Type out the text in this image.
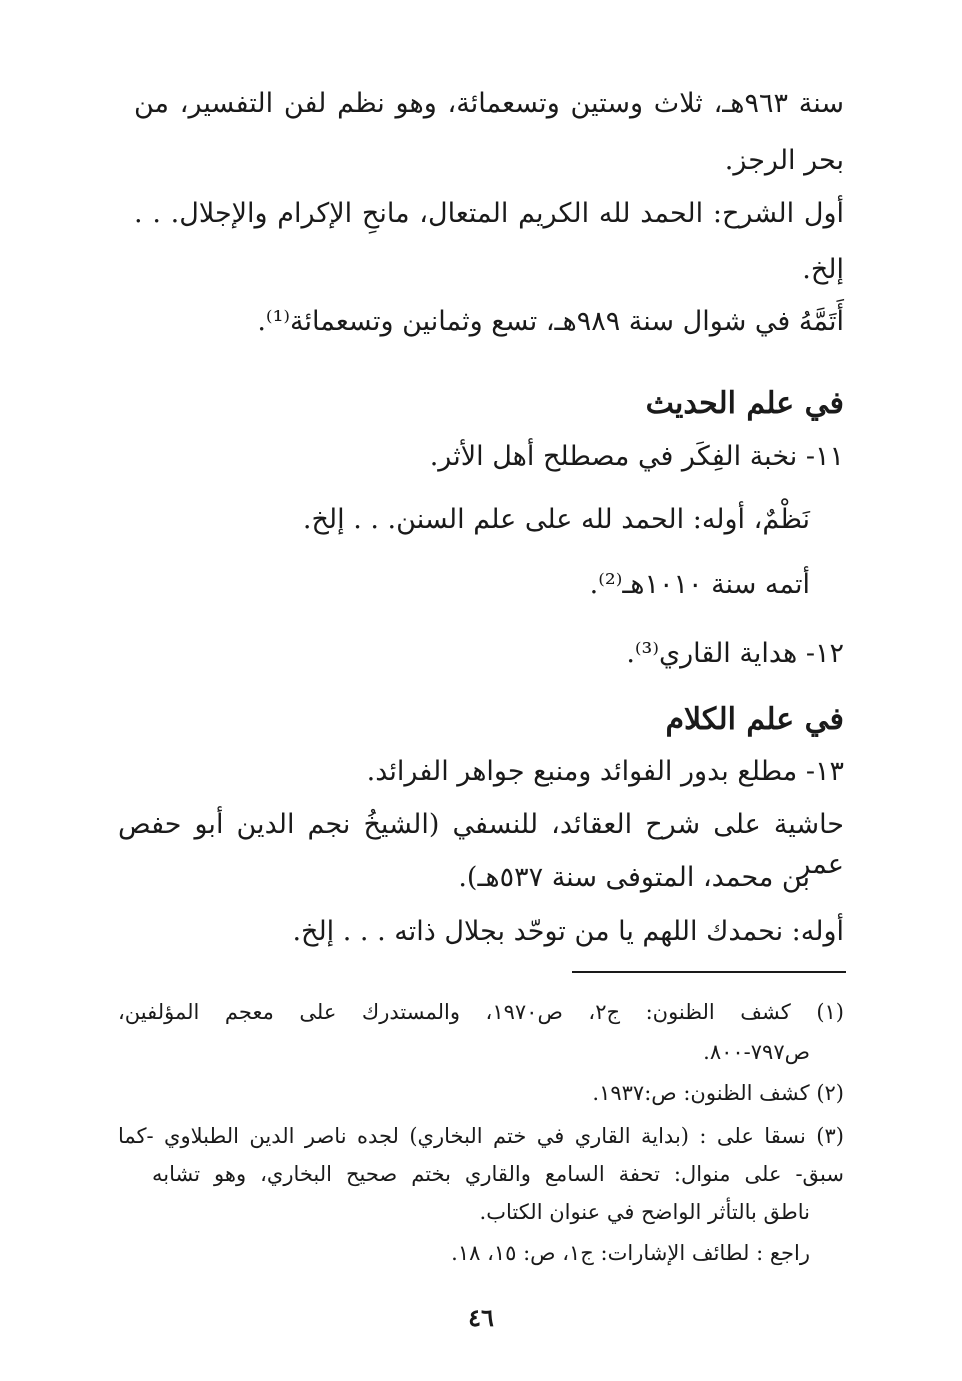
سنة ٩٦٣هـ، ثلاث وستين وتسعمائة، وهو نظم لفن التفسير، من
بحر الرجز.
أول الشرح: الحمد لله الكريم المتعال، مانحِ الإكرام والإجلال. . .
إلخ.
أَتَمَّهُ في شوال سنة ٩٨٩هـ، تسع وثمانين وتسعمائة⁽¹⁾.
في علم الحديث
١١- نخبة الفِكَر في مصطلح أهل الأثر.
نَظْمٌ، أوله: الحمد لله على علم السنن. . . إلخ.
أتمه سنة ١٠١٠هـ⁽²⁾.
١٢- هداية القاري⁽³⁾.
في علم الكلام
١٣- مطلع بدور الفوائد ومنبع جواهر الفرائد.
حاشية على شرح العقائد، للنسفي (الشيخُ نجم الدين أبو حفص عمر
بن محمد، المتوفى سنة ٥٣٧هـ).
أوله: نحمدك اللهم يا من توحّد بجلال ذاته . . . إلخ.
(١) كشف الظنون: ج٢، ص١٩٧٠، والمستدرك على معجم المؤلفين،
ص٧٩٧-٨٠٠.
(٢) كشف الظنون: ص:١٩٣٧.
(٣) نسقا على : (بداية القاري في ختم البخاري) لجده ناصر الدين الطبلاوي -كما
سبق- على منوال: تحفة السامع والقاري بختم صحيح البخاري، وهو تشابه
ناطق بالتأثر الواضح في عنوان الكتاب.
راجع : لطائف الإشارات: ج١، ص: ١٥، ١٨.
٤٦
